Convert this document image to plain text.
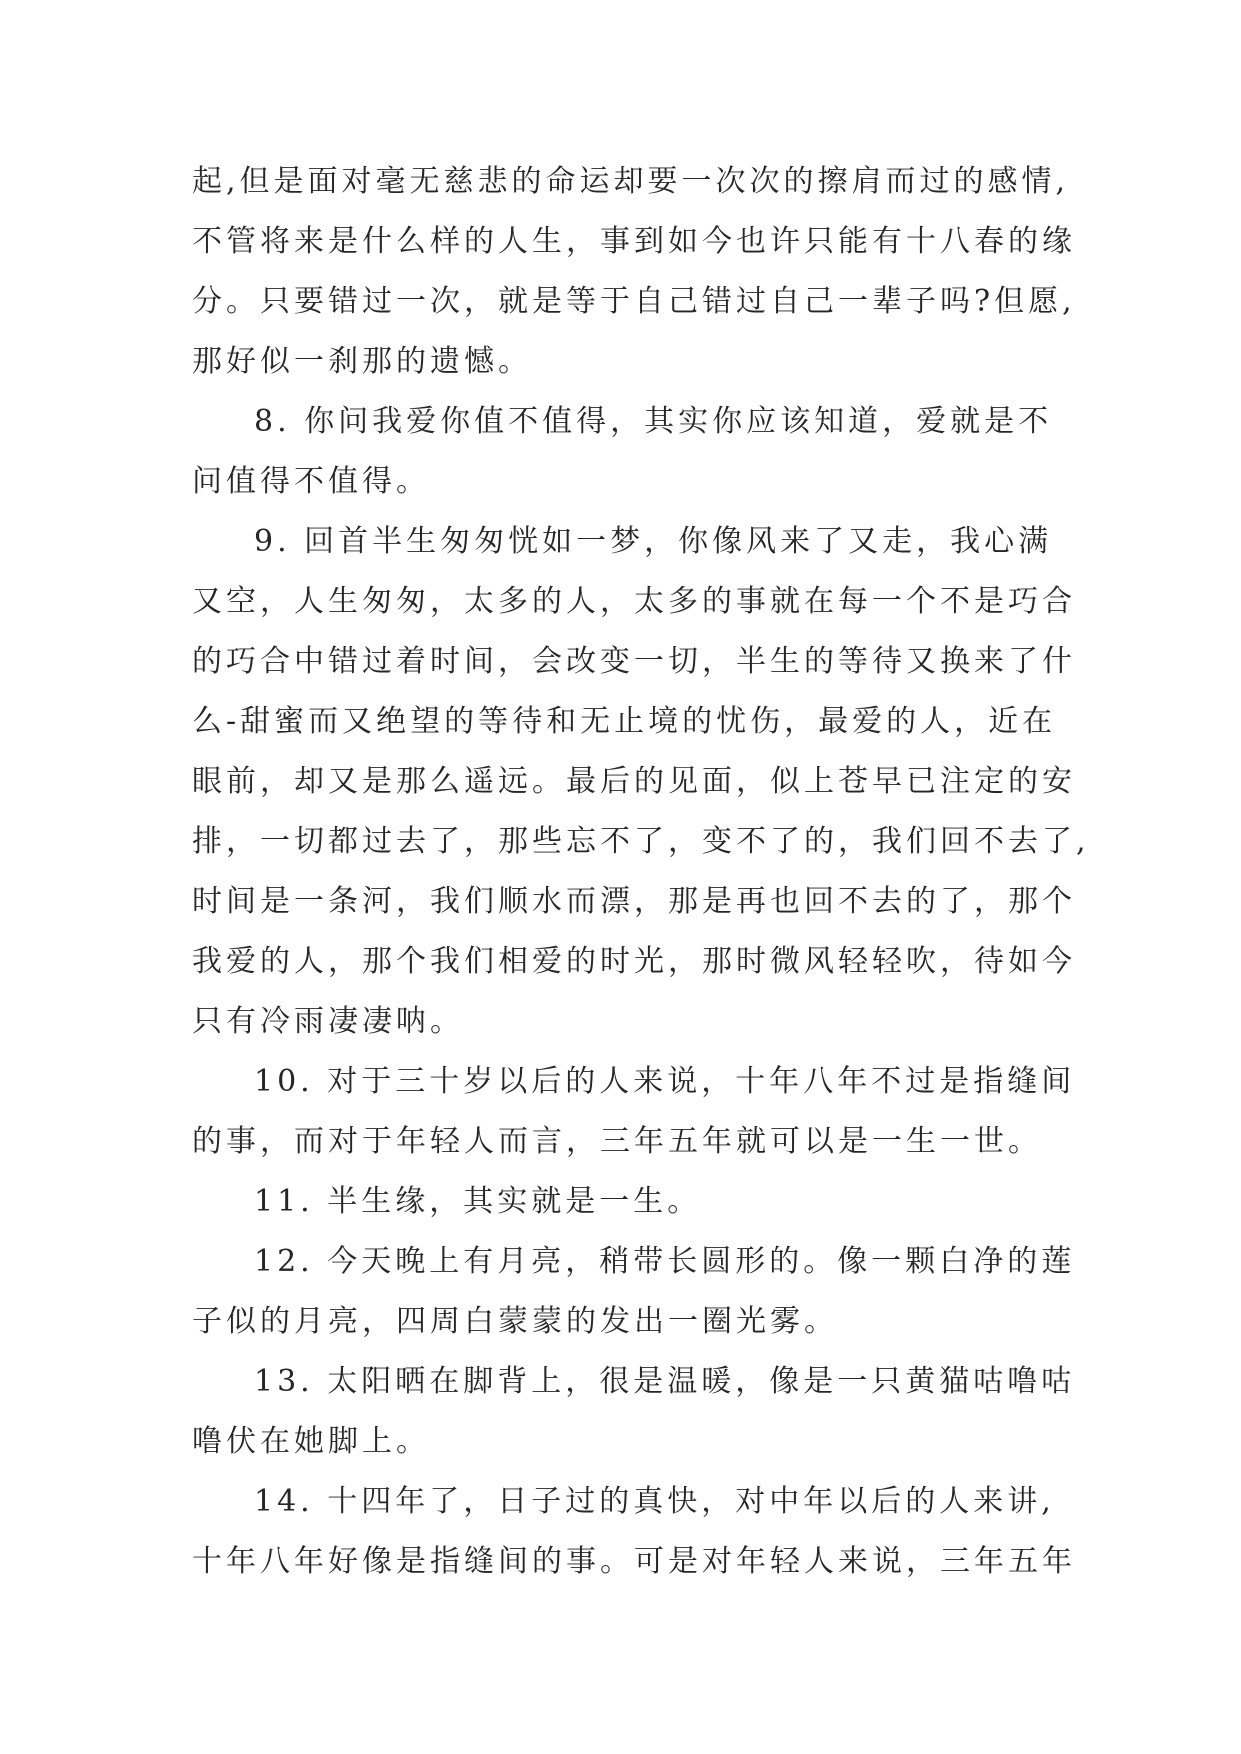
起,但是面对毫无慈悲的命运却要一次次的擦肩而过的感情,
不管将来是什么样的人生，事到如今也许只能有十八春的缘
分。只要错过一次，就是等于自己错过自己一辈子吗?但愿,
那好似一刹那的遗憾。
8. 你问我爱你值不值得，其实你应该知道，爱就是不
问值得不值得。
9. 回首半生匆匆恍如一梦，你像风来了又走，我心满
又空，人生匆匆，太多的人，太多的事就在每一个不是巧合
的巧合中错过着时间，会改变一切，半生的等待又换来了什
么-甜蜜而又绝望的等待和无止境的忧伤，最爱的人，近在
眼前，却又是那么遥远。最后的见面，似上苍早已注定的安
排，一切都过去了，那些忘不了，变不了的，我们回不去了,
时间是一条河，我们顺水而漂，那是再也回不去的了，那个
我爱的人，那个我们相爱的时光，那时微风轻轻吹，待如今
只有冷雨凄凄呐。
10. 对于三十岁以后的人来说，十年八年不过是指缝间
的事，而对于年轻人而言，三年五年就可以是一生一世。
11. 半生缘，其实就是一生。
12. 今天晚上有月亮，稍带长圆形的。像一颗白净的莲
子似的月亮，四周白蒙蒙的发出一圈光雾。
13. 太阳晒在脚背上，很是温暖，像是一只黄猫咕噜咕
噜伏在她脚上。
14. 十四年了，日子过的真快，对中年以后的人来讲,
十年八年好像是指缝间的事。可是对年轻人来说，三年五年
